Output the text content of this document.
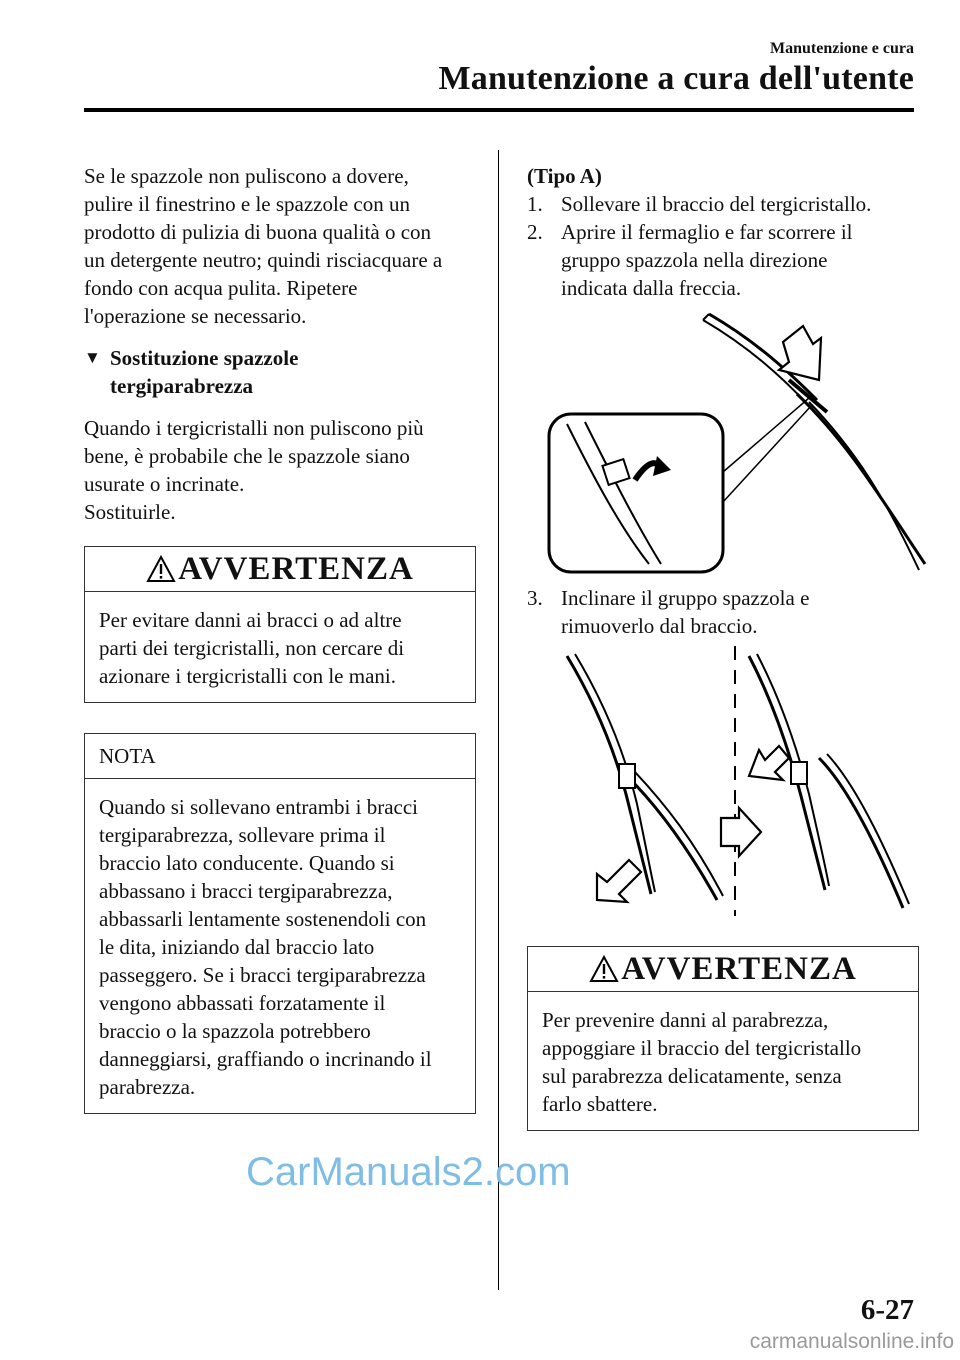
Manutenzione e cura
Manutenzione a cura dell'utente

Se le spazzole non puliscono a dovere,
pulire il finestrino e le spazzole con un
prodotto di pulizia di buona qualità o con
un detergente neutro; quindi risciacquare a
fondo con acqua pulita. Ripetere
l'operazione se necessario.

▼ Sostituzione spazzole
tergiparabrezza

Quando i tergicristalli non puliscono più
bene, è probabile che le spazzole siano
usurate o incrinate.
Sostituirle.

AVVERTENZA
Per evitare danni ai bracci o ad altre
parti dei tergicristalli, non cercare di
azionare i tergicristalli con le mani.
NOTA
Quando si sollevano entrambi i bracci
tergiparabrezza, sollevare prima il
braccio lato conducente. Quando si
abbassano i bracci tergiparabrezza,
abbassarli lentamente sostenendoli con
le dita, iniziando dal braccio lato
passeggero. Se i bracci tergiparabrezza
vengono abbassati forzatamente il
braccio o la spazzola potrebbero
danneggiarsi, graffiando o incrinando il
parabrezza.
(Tipo A)
1. Sollevare il braccio del tergicristallo.
2. Aprire il fermaglio e far scorrere il
gruppo spazzola nella direzione
indicata dalla freccia.
3. Inclinare il gruppo spazzola e
rimuoverlo dal braccio.
AVVERTENZA
Per prevenire danni al parabrezza,
appoggiare il braccio del tergicristallo
sul parabrezza delicatamente, senza
farlo sbattere.
CarManuals2.com
6-27
carmanualsonline.info
